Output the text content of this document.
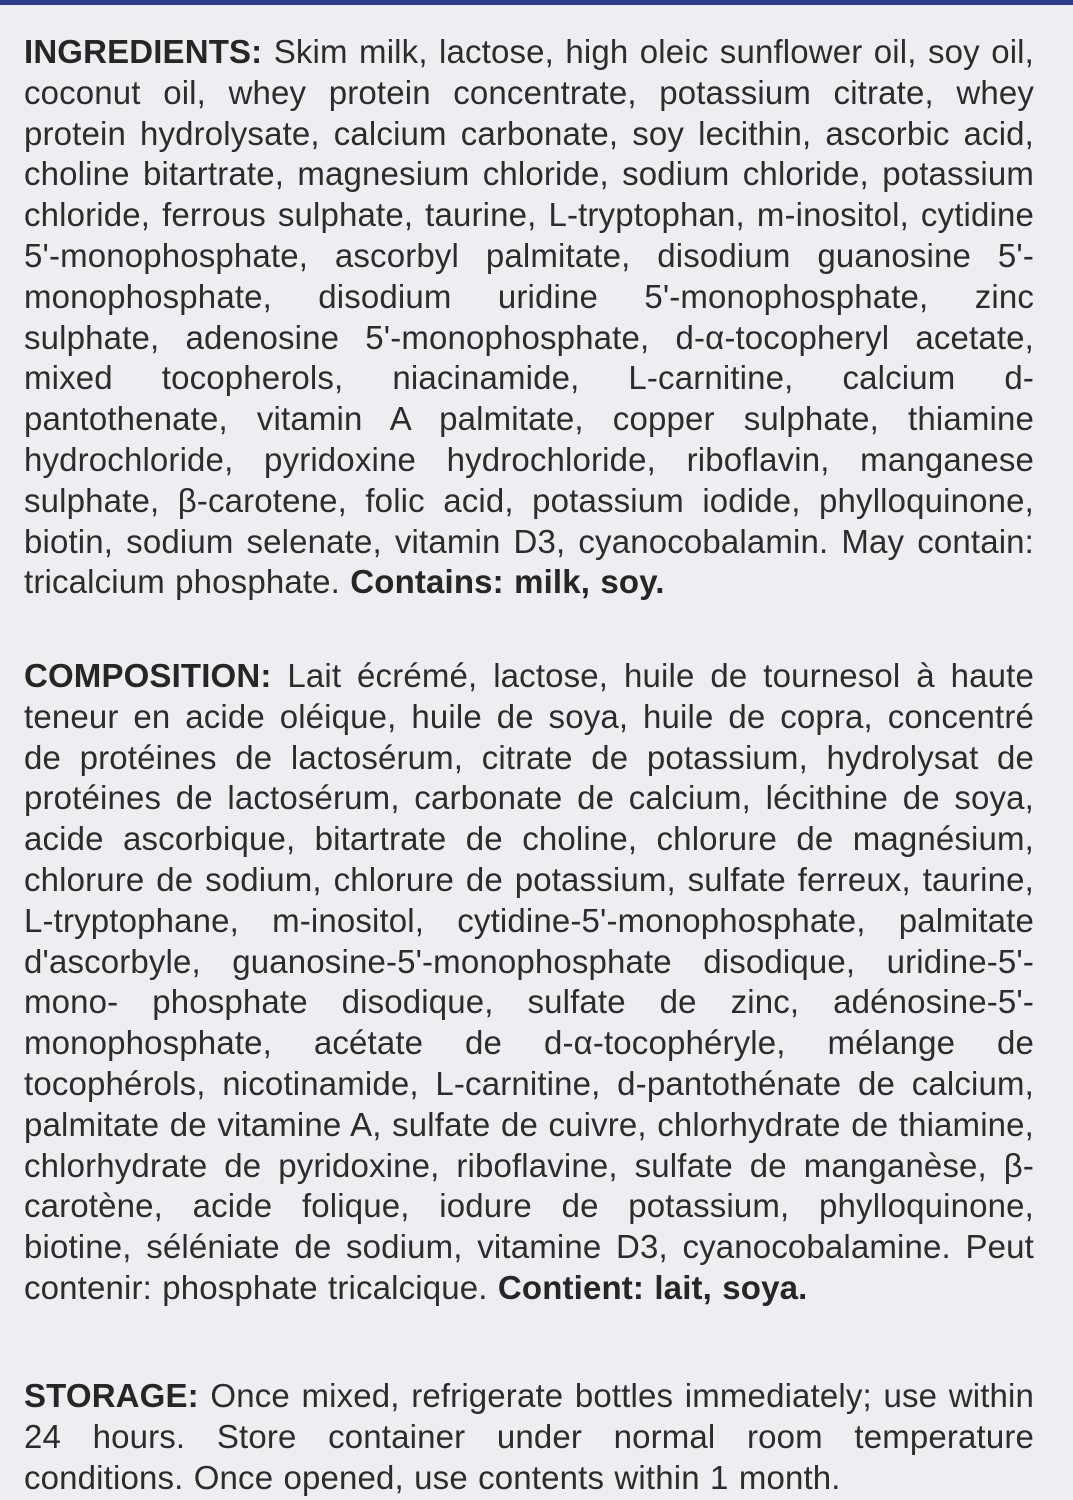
INGREDIENTS: Skim milk, lactose, high oleic sunflower oil, soy oil, coconut oil, whey protein concentrate, potassium citrate, whey protein hydrolysate, calcium carbonate, soy lecithin, ascorbic acid, choline bitartrate, magnesium chloride, sodium chloride, potassium chloride, ferrous sulphate, taurine, L-tryptophan, m-inositol, cytidine 5'-monophosphate, ascorbyl palmitate, disodium guanosine 5'-monophosphate, disodium uridine 5'-monophosphate, zinc sulphate, adenosine 5'-monophosphate, d-α-tocopheryl acetate, mixed tocopherols, niacinamide, L-carnitine, calcium d-pantothenate, vitamin A palmitate, copper sulphate, thiamine hydrochloride, pyridoxine hydrochloride, riboflavin, manganese sulphate, β-carotene, folic acid, potassium iodide, phylloquinone, biotin, sodium selenate, vitamin D3, cyanocobalamin. May contain: tricalcium phosphate. Contains: milk, soy.

COMPOSITION: Lait écrémé, lactose, huile de tournesol à haute teneur en acide oléique, huile de soya, huile de copra, concentré de protéines de lactosérum, citrate de potassium, hydrolysat de protéines de lactosérum, carbonate de calcium, lécithine de soya, acide ascorbique, bitartrate de choline, chlorure de magnésium, chlorure de sodium, chlorure de potassium, sulfate ferreux, taurine, L-tryptophane, m-inositol, cytidine-5'-monophosphate, palmitate d'ascorbyle, guanosine-5'-monophosphate disodique, uridine-5'-mono- phosphate disodique, sulfate de zinc, adénosine-5'- monophosphate, acétate de d-α-tocophéryle, mélange de tocophérols, nicotinamide, L-carnitine, d-pantothénate de calcium, palmitate de vitamine A, sulfate de cuivre, chlorhydrate de thiamine, chlorhydrate de pyridoxine, riboflavine, sulfate de manganèse, β-carotène, acide folique, iodure de potassium, phylloquinone, biotine, séléniate de sodium, vitamine D3, cyanocobalamine. Peut contenir: phosphate tricalcique. Contient: lait, soya.

STORAGE: Once mixed, refrigerate bottles immediately; use within 24 hours. Store container under normal room temperature conditions. Once opened, use contents within 1 month.
